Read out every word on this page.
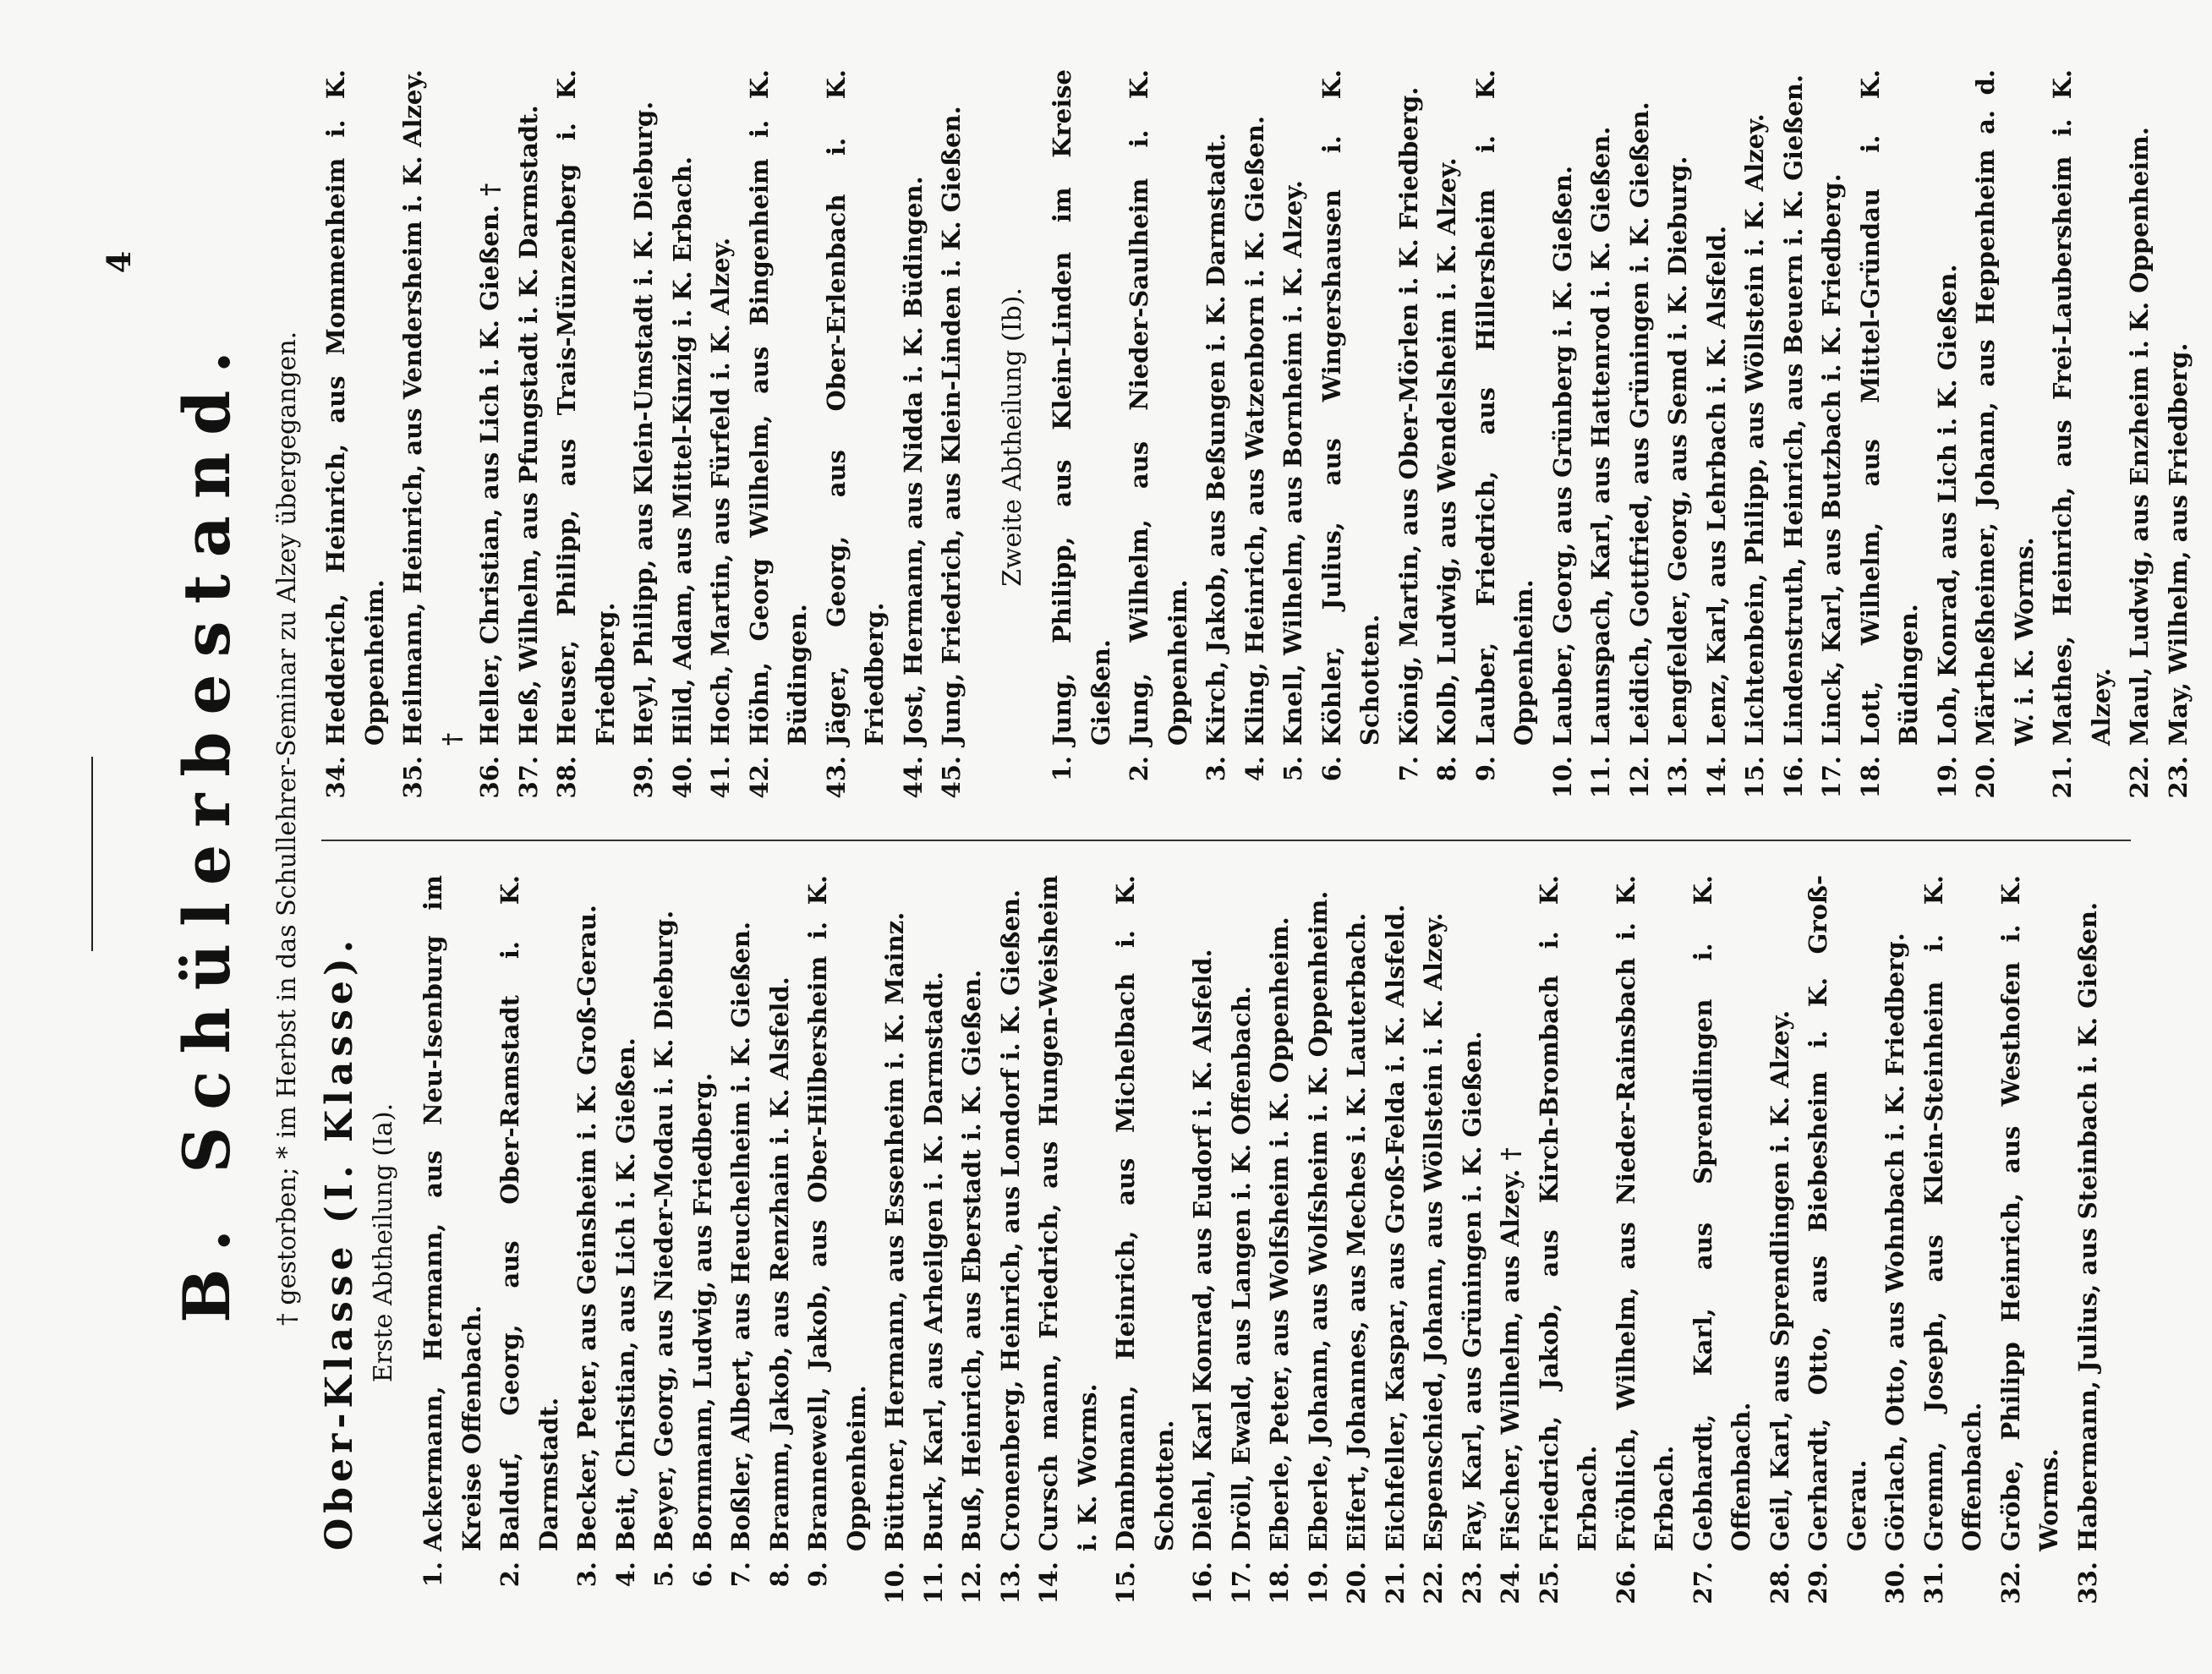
4
B. Schülerbestand. † gestorben; * im Herbst in das Schullehrer-Seminar zu Alzey übergegangen. Ober-Klasse (I. Klasse). Erste Abtheilung (Ia).
1.
Ackermann, Hermann, aus Neu-Isenburg im Kreise Offenbach.
2.
Balduf, Georg, aus Ober-Ramstadt i. K. Darmstadt.
3.
Becker, Peter, aus Geinsheim i. K. Groß-Gerau.
4.
Beit, Christian, aus Lich i. K. Gießen.
5.
Beyer, Georg, aus Nieder-Modau i. K. Dieburg.
6.
Bornmann, Ludwig, aus Friedberg.
7.
Boßler, Albert, aus Heuchelheim i. K. Gießen.
8.
Bramm, Jakob, aus Renzhain i. K. Alsfeld.
9.
Brannewell, Jakob, aus Ober-Hilbersheim i. K. Oppenheim.
10.
Büttner, Hermann, aus Essenheim i. K. Mainz.
11.
Burk, Karl, aus Arheilgen i. K. Darmstadt.
12.
Buß, Heinrich, aus Eberstadt i. K. Gießen.
13.
Cronenberg, Heinrich, aus Londorf i. K. Gießen.
14.
Cursch mann, Friedrich, aus Hungen-Weisheim i. K. Worms.
15.
Dambmann, Heinrich, aus Michelbach i. K. Schotten.
16.
Diehl, Karl Konrad, aus Eudorf i. K. Alsfeld.
17.
Dröll, Ewald, aus Langen i. K. Offenbach.
18.
Eberle, Peter, aus Wolfsheim i. K. Oppenheim.
19.
Eberle, Johann, aus Wolfsheim i. K. Oppenheim.
20.
Eifert, Johannes, aus Meches i. K. Lauterbach.
21.
Eichfeller, Kaspar, aus Groß-Felda i. K. Alsfeld.
22.
Espenschied, Johann, aus Wöllstein i. K. Alzey.
23.
Fay, Karl, aus Grüningen i. K. Gießen.
24.
Fischer, Wilhelm, aus Alzey. †
25.
Friedrich, Jakob, aus Kirch-Brombach i. K. Erbach.
26.
Fröhlich, Wilhelm, aus Nieder-Rainsbach i. K. Erbach.
27.
Gebhardt, Karl, aus Sprendlingen i. K. Offenbach.
28.
Geil, Karl, aus Sprendlingen i. K. Alzey.
29.
Gerhardt, Otto, aus Biebesheim i. K. Groß-Gerau.
30.
Görlach, Otto, aus Wohnbach i. K. Friedberg.
31.
Gremm, Joseph, aus Klein-Steinheim i. K. Offenbach.
32.
Gröbe, Philipp Heinrich, aus Westhofen i. K. Worms.
33.
Habermann, Julius, aus Steinbach i. K. Gießen.
34.
Hedderich, Heinrich, aus Mommenheim i. K. Oppenheim.
35.
Heilmann, Heinrich, aus Vendersheim i. K. Alzey. †
36.
Heller, Christian, aus Lich i. K. Gießen. †
37.
Heß, Wilhelm, aus Pfungstadt i. K. Darmstadt.
38.
Heuser, Philipp, aus Trais-Münzenberg i. K. Friedberg.
39.
Heyl, Philipp, aus Klein-Umstadt i. K. Dieburg.
40.
Hild, Adam, aus Mittel-Kinzig i. K. Erbach.
41.
Hoch, Martin, aus Fürfeld i. K. Alzey.
42.
Höhn, Georg Wilhelm, aus Bingenheim i. K. Büdingen.
43.
Jäger, Georg, aus Ober-Erlenbach i. K. Friedberg.
44.
Jost, Hermann, aus Nidda i. K. Büdingen.
45.
Jung, Friedrich, aus Klein-Linden i. K. Gießen. Zweite Abtheilung (Ib).
1.
Jung, Philipp, aus Klein-Linden im Kreise Gießen.
2.
Jung, Wilhelm, aus Nieder-Saulheim i. K. Oppenheim.
3.
Kirch, Jakob, aus Beßungen i. K. Darmstadt.
4.
Kling, Heinrich, aus Watzenborn i. K. Gießen.
5.
Knell, Wilhelm, aus Bornheim i. K. Alzey.
6.
Köhler, Julius, aus Wingershausen i. K. Schotten.
7.
König, Martin, aus Ober-Mörlen i. K. Friedberg.
8.
Kolb, Ludwig, aus Wendelsheim i. K. Alzey.
9.
Lauber, Friedrich, aus Hillersheim i. K. Oppenheim.
10.
Lauber, Georg, aus Grünberg i. K. Gießen.
11.
Launspach, Karl, aus Hattenrod i. K. Gießen.
12.
Leidich, Gottfried, aus Grüningen i. K. Gießen.
13.
Lengfelder, Georg, aus Semd i. K. Dieburg.
14.
Lenz, Karl, aus Lehrbach i. K. Alsfeld.
15.
Lichtenbein, Philipp, aus Wöllstein i. K. Alzey.
16.
Lindenstruth, Heinrich, aus Beuern i. K. Gießen.
17.
Linck, Karl, aus Butzbach i. K. Friedberg.
18.
Lott, Wilhelm, aus Mittel-Gründau i. K. Büdingen.
19.
Loh, Konrad, aus Lich i. K. Gießen.
20.
Märtheßheimer, Johann, aus Heppenheim a. d. W. i. K. Worms.
21.
Mathes, Heinrich, aus Frei-Laubersheim i. K. Alzey.
22.
Maul, Ludwig, aus Enzheim i. K. Oppenheim.
23.
May, Wilhelm, aus Friedberg.
